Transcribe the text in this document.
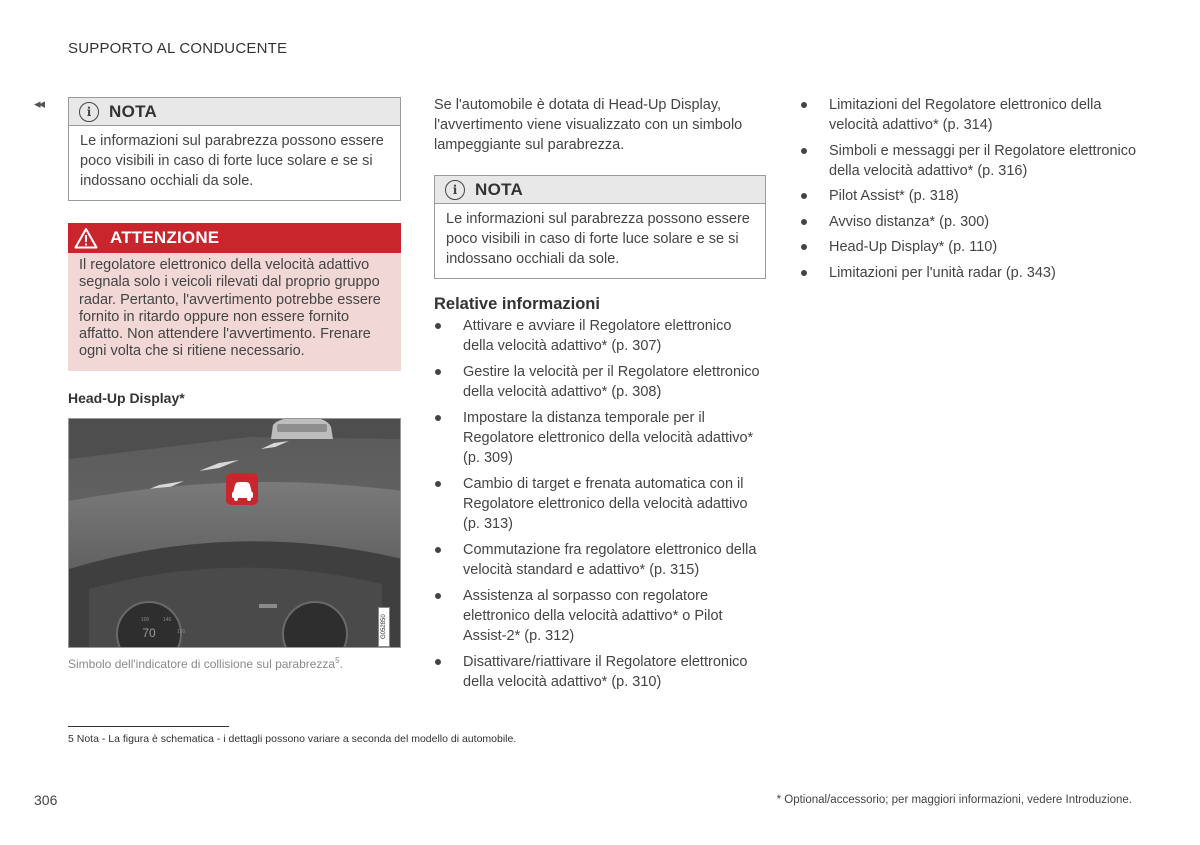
SUPPORTO AL CONDUCENTE
◂◂
i	NOTA
Le informazioni sul parabrezza possono essere poco visibili in caso di forte luce solare e se si indossano occhiali da sole.
ATTENZIONE
Il regolatore elettronico della velocità adattivo segnala solo i veicoli rilevati dal proprio gruppo radar. Pertanto, l'avvertimento potrebbe essere fornito in ritardo oppure non essere fornito affatto. Non attendere l'avvertimento. Frenare ogni volta che si ritiene necessario.
Head-Up Display*
70
100	140
180	G052850
Simbolo dell'indicatore di collisione sul parabrezza$^5$.
Se l'automobile è dotata di Head-Up Display, l'avvertimento viene visualizzato con un simbolo lampeggiante sul parabrezza.
i	NOTA
Le informazioni sul parabrezza possono essere poco visibili in caso di forte luce solare e se si indossano occhiali da sole.
Relative informazioni
Attivare e avviare il Regolatore elettronico della velocità adattivo* (p. 307)
Gestire la velocità per il Regolatore elettronico della velocità adattivo* (p. 308)
Impostare la distanza temporale per il Regolatore elettronico della velocità adattivo* (p. 309)
Cambio di target e frenata automatica con il Regolatore elettronico della velocità adattivo (p. 313)
Commutazione fra regolatore elettronico della velocità standard e adattivo* (p. 315)
Assistenza al sorpasso con regolatore elettronico della velocità adattivo* o Pilot Assist-2* (p. 312)
Disattivare/riattivare il Regolatore elettronico della velocità adattivo* (p. 310)
Limitazioni del Regolatore elettronico della velocità adattivo* (p. 314)
Simboli e messaggi per il Regolatore elettronico della velocità adattivo* (p. 316)
Pilot Assist* (p. 318)
Avviso distanza* (p. 300)
Head-Up Display* (p. 110)
Limitazioni per l'unità radar (p. 343)
5 Nota - La figura è schematica - i dettagli possono variare a seconda del modello di automobile.
306	* Optional/accessorio; per maggiori informazioni, vedere Introduzione.
